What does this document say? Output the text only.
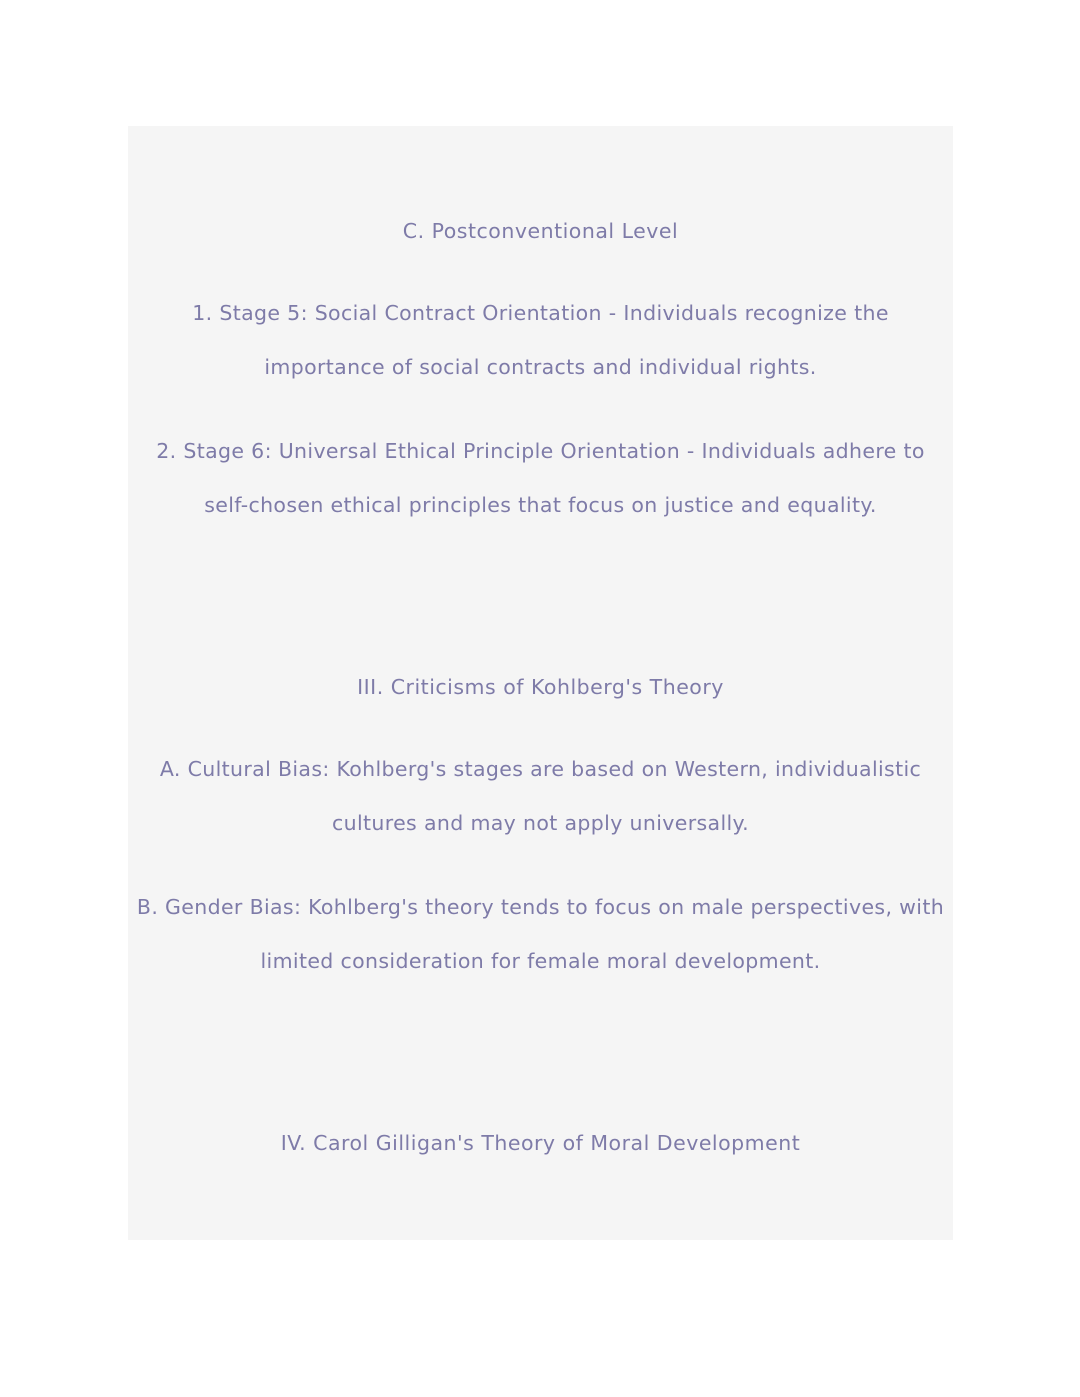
C. Postconventional Level

1. Stage 5: Social Contract Orientation - Individuals recognize the importance of social contracts and individual rights.

2. Stage 6: Universal Ethical Principle Orientation - Individuals adhere to self-chosen ethical principles that focus on justice and equality.

III. Criticisms of Kohlberg's Theory

A. Cultural Bias: Kohlberg's stages are based on Western, individualistic cultures and may not apply universally.

B. Gender Bias: Kohlberg's theory tends to focus on male perspectives, with limited consideration for female moral development.

IV. Carol Gilligan's Theory of Moral Development
